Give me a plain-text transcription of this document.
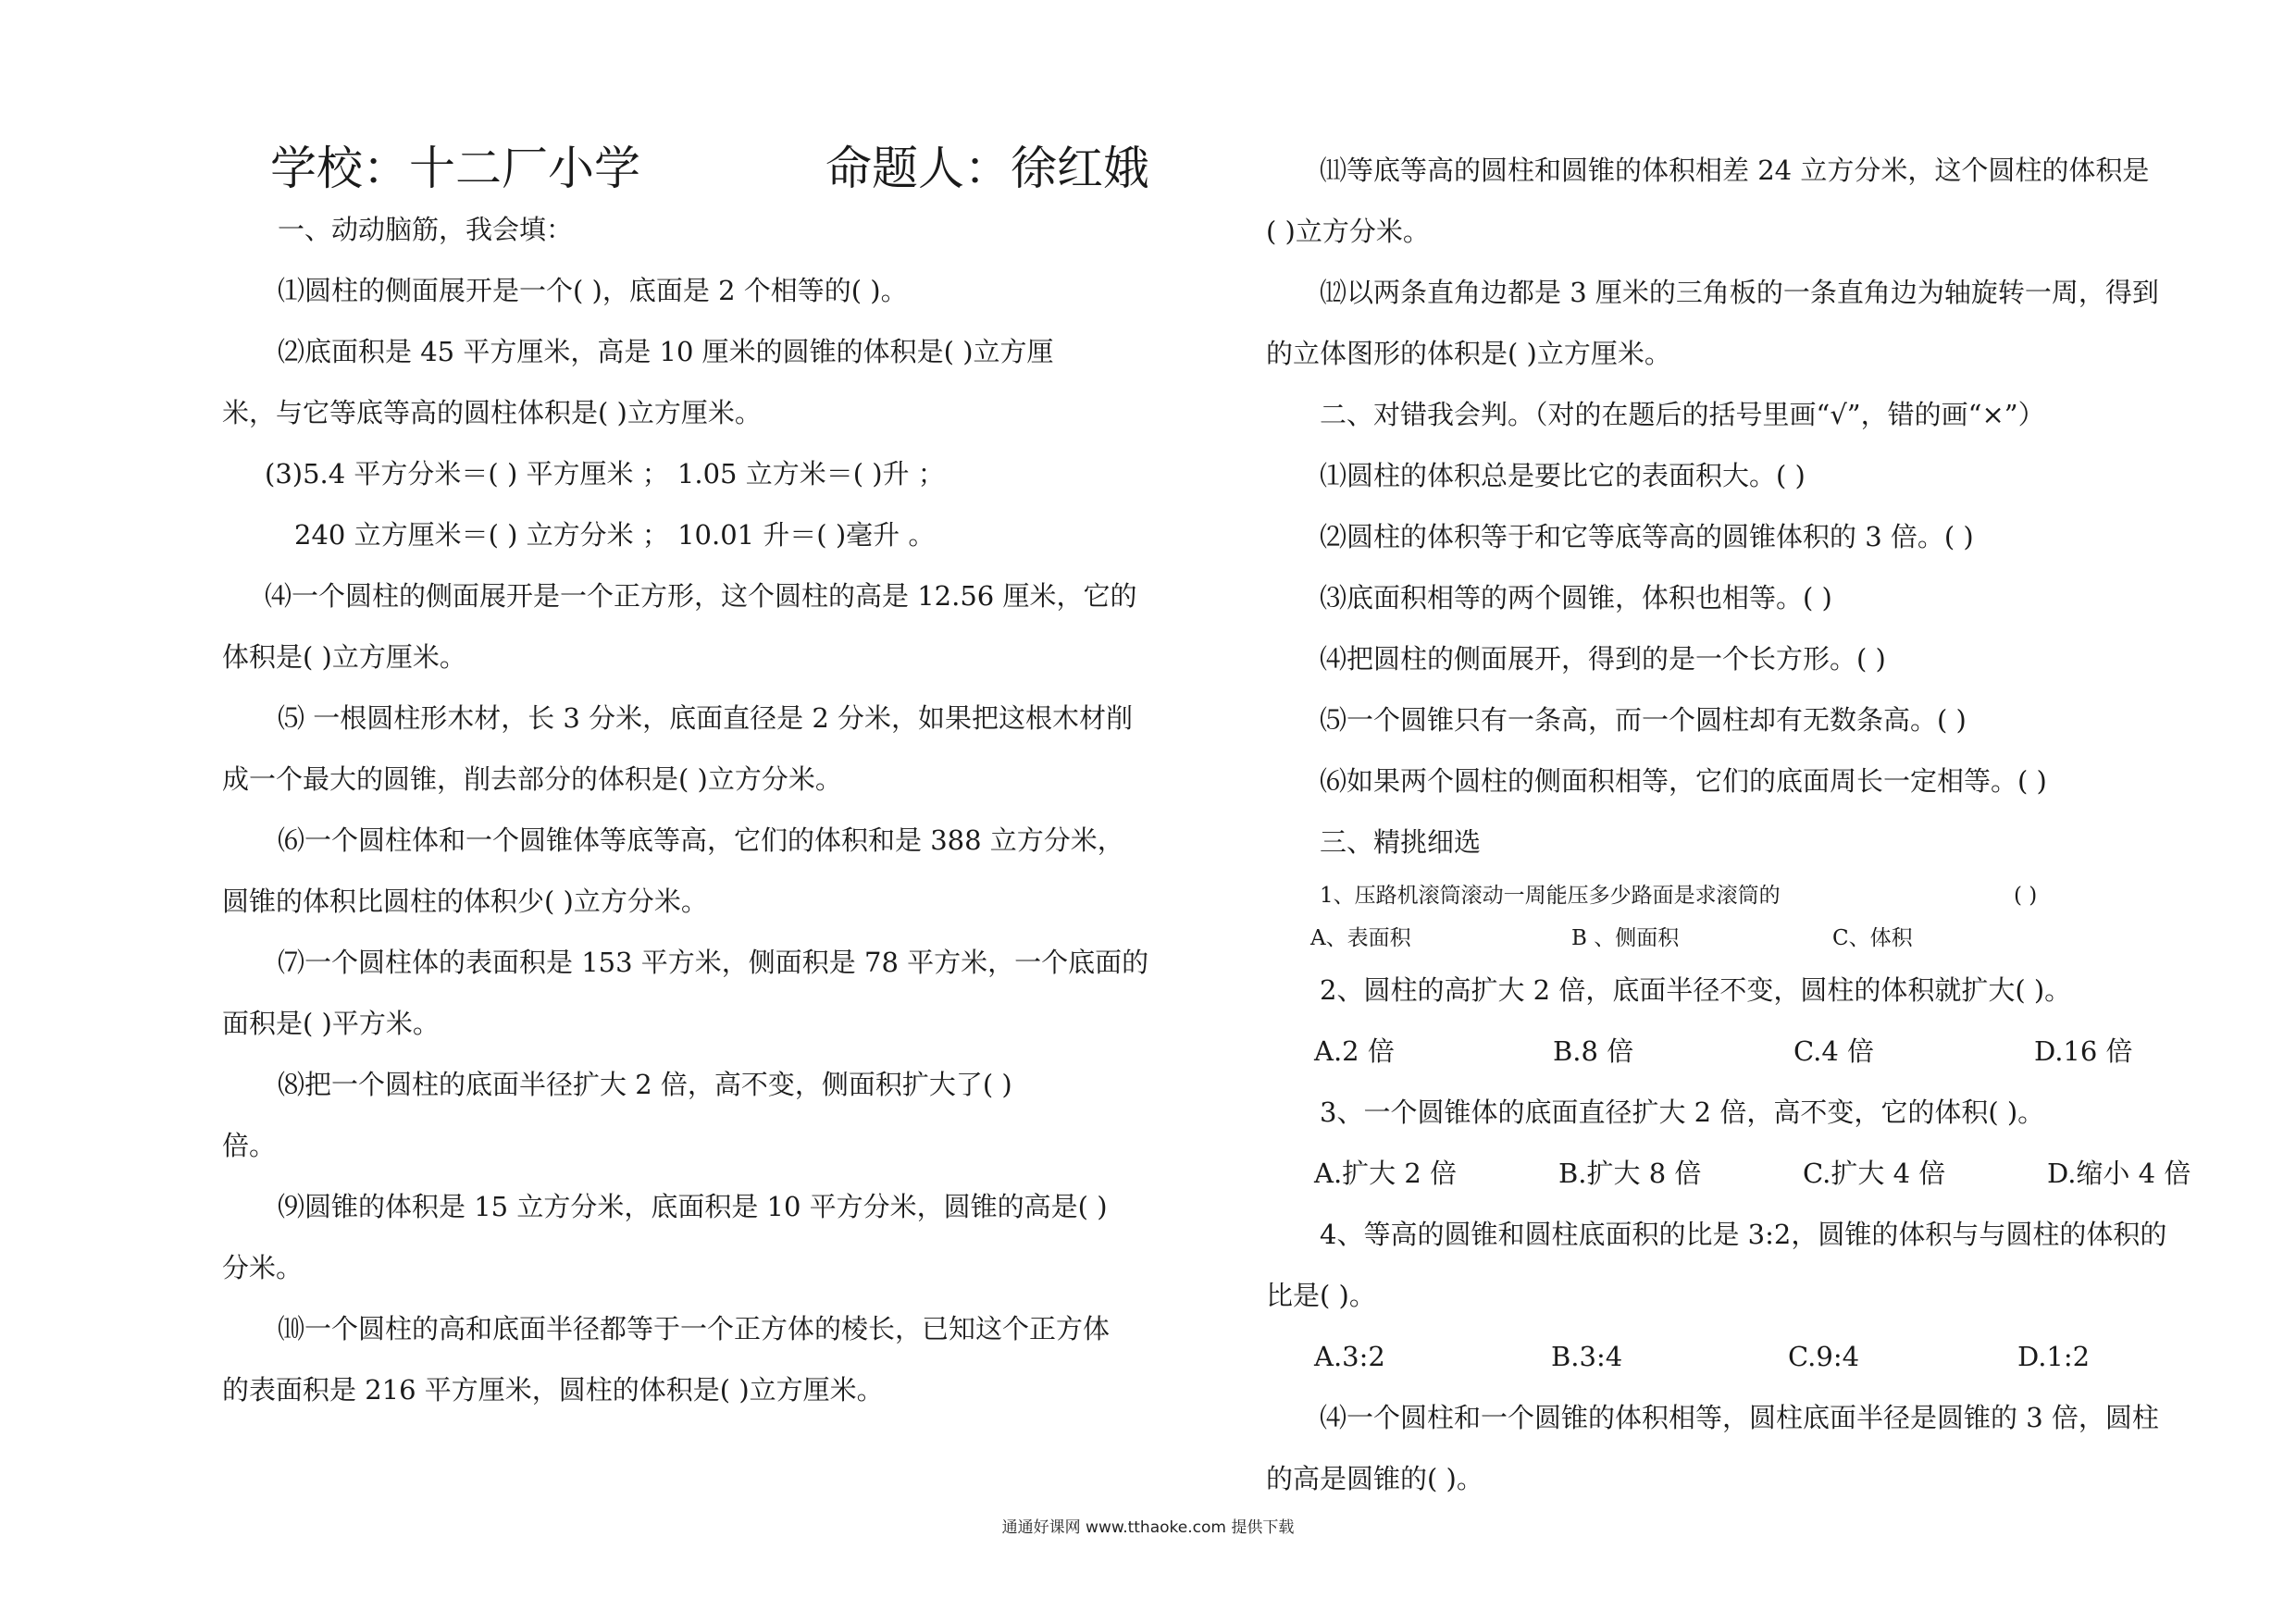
学校：十二厂小学	命题人：徐红娥
一、动动脑筋，我会填：
⑴圆柱的侧面展开是一个( )，底面是 2 个相等的( )。
⑵底面积是 45 平方厘米，高是 10 厘米的圆锥的体积是( )立方厘
米，与它等底等高的圆柱体积是( )立方厘米。
(3)5.4 平方分米＝( ) 平方厘米 ； 1.05 立方米＝( )升 ；
240 立方厘米＝( ) 立方分米 ； 10.01 升＝( )毫升 。
⑷一个圆柱的侧面展开是一个正方形，这个圆柱的高是 12.56 厘米，它的
体积是( )立方厘米。
⑸ 一根圆柱形木材，长 3 分米，底面直径是 2 分米，如果把这根木材削
成一个最大的圆锥，削去部分的体积是( )立方分米。
⑹一个圆柱体和一个圆锥体等底等高，它们的体积和是 388 立方分米，
圆锥的体积比圆柱的体积少( )立方分米。
⑺一个圆柱体的表面积是 153 平方米，侧面积是 78 平方米，一个底面的
面积是( )平方米。
⑻把一个圆柱的底面半径扩大 2 倍，高不变，侧面积扩大了( )
倍。
⑼圆锥的体积是 15 立方分米，底面积是 10 平方分米，圆锥的高是( )
分米。
⑽一个圆柱的高和底面半径都等于一个正方体的棱长，已知这个正方体
的表面积是 216 平方厘米，圆柱的体积是( )立方厘米。
⑾等底等高的圆柱和圆锥的体积相差 24 立方分米，这个圆柱的体积是
( )立方分米。
⑿以两条直角边都是 3 厘米的三角板的一条直角边为轴旋转一周，得到
的立体图形的体积是( )立方厘米。
二、对错我会判。（对的在题后的括号里画“√”，错的画“×”）
⑴圆柱的体积总是要比它的表面积大。( )
⑵圆柱的体积等于和它等底等高的圆锥体积的 3 倍。( )
⑶底面积相等的两个圆锥，体积也相等。( )
⑷把圆柱的侧面展开，得到的是一个长方形。( )
⑸一个圆锥只有一条高，而一个圆柱却有无数条高。( )
⑹如果两个圆柱的侧面积相等，它们的底面周长一定相等。( )
三、精挑细选
1、压路机滚筒滚动一周能压多少路面是求滚筒的	( )
A、表面积	B 、侧面积	C、体积
2、圆柱的高扩大 2 倍，底面半径不变，圆柱的体积就扩大( )。
A.2 倍	B.8 倍	C.4 倍	D.16 倍
3、一个圆锥体的底面直径扩大 2 倍，高不变，它的体积( )。
A.扩大 2 倍	B.扩大 8 倍	C.扩大 4 倍	D.缩小 4 倍
4、等高的圆锥和圆柱底面积的比是 3:2，圆锥的体积与与圆柱的体积的
比是( )。
A.3:2	B.3:4	C.9:4	D.1:2
⑷一个圆柱和一个圆锥的体积相等，圆柱底面半径是圆锥的 3 倍，圆柱
的高是圆锥的( )。
通通好课网 www.tthaoke.com 提供下载
